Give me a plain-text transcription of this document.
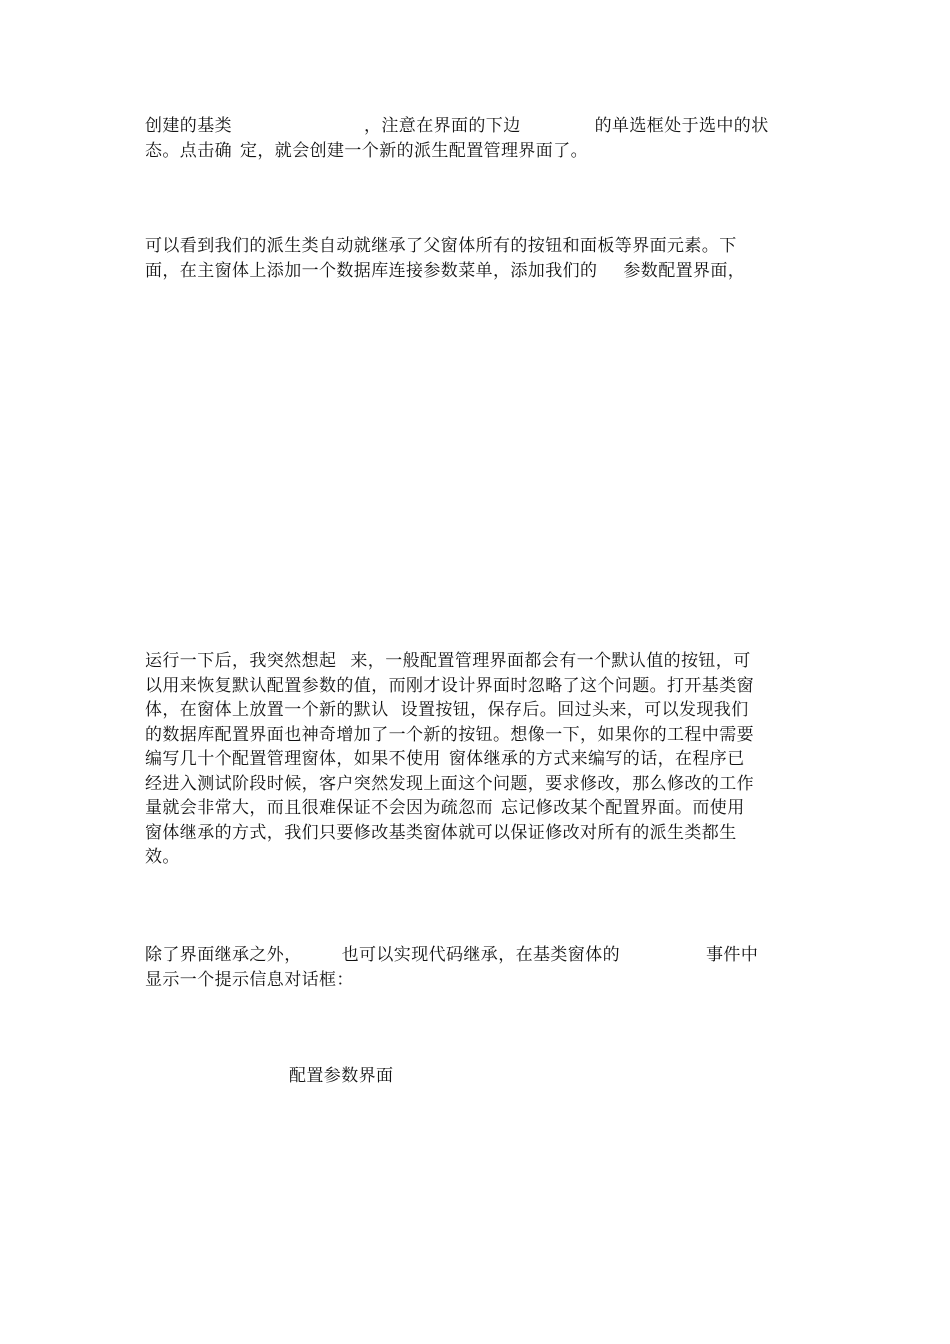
创建的基类	，注意在界面的下边	的单选框处于选中的状
态。点击确 定，就会创建一个新的派生配置管理界面了。

可以看到我们的派生类自动就继承了父窗体所有的按钮和面板等界面元素。下
面，在主窗体上添加一个数据库连接参数菜单，添加我们的 参数配置界面，

运行一下后，我突然想起 来，一般配置管理界面都会有一个默认值的按钮，可
以用来恢复默认配置参数的值，而刚才设计界面时忽略了这个问题。打开基类窗
体，在窗体上放置一个新的默认 设置按钮，保存后。回过头来，可以发现我们
的数据库配置界面也神奇增加了一个新的按钮。想像一下，如果你的工程中需要
编写几十个配置管理窗体，如果不使用 窗体继承的方式来编写的话，在程序已
经进入测试阶段时候，客户突然发现上面这个问题，要求修改，那么修改的工作
量就会非常大，而且很难保证不会因为疏忽而 忘记修改某个配置界面。而使用
窗体继承的方式，我们只要修改基类窗体就可以保证修改对所有的派生类都生
效。

除了界面继承之外， 也可以实现代码继承，在基类窗体的	事件中
显示一个提示信息对话框：

配置参数界面
